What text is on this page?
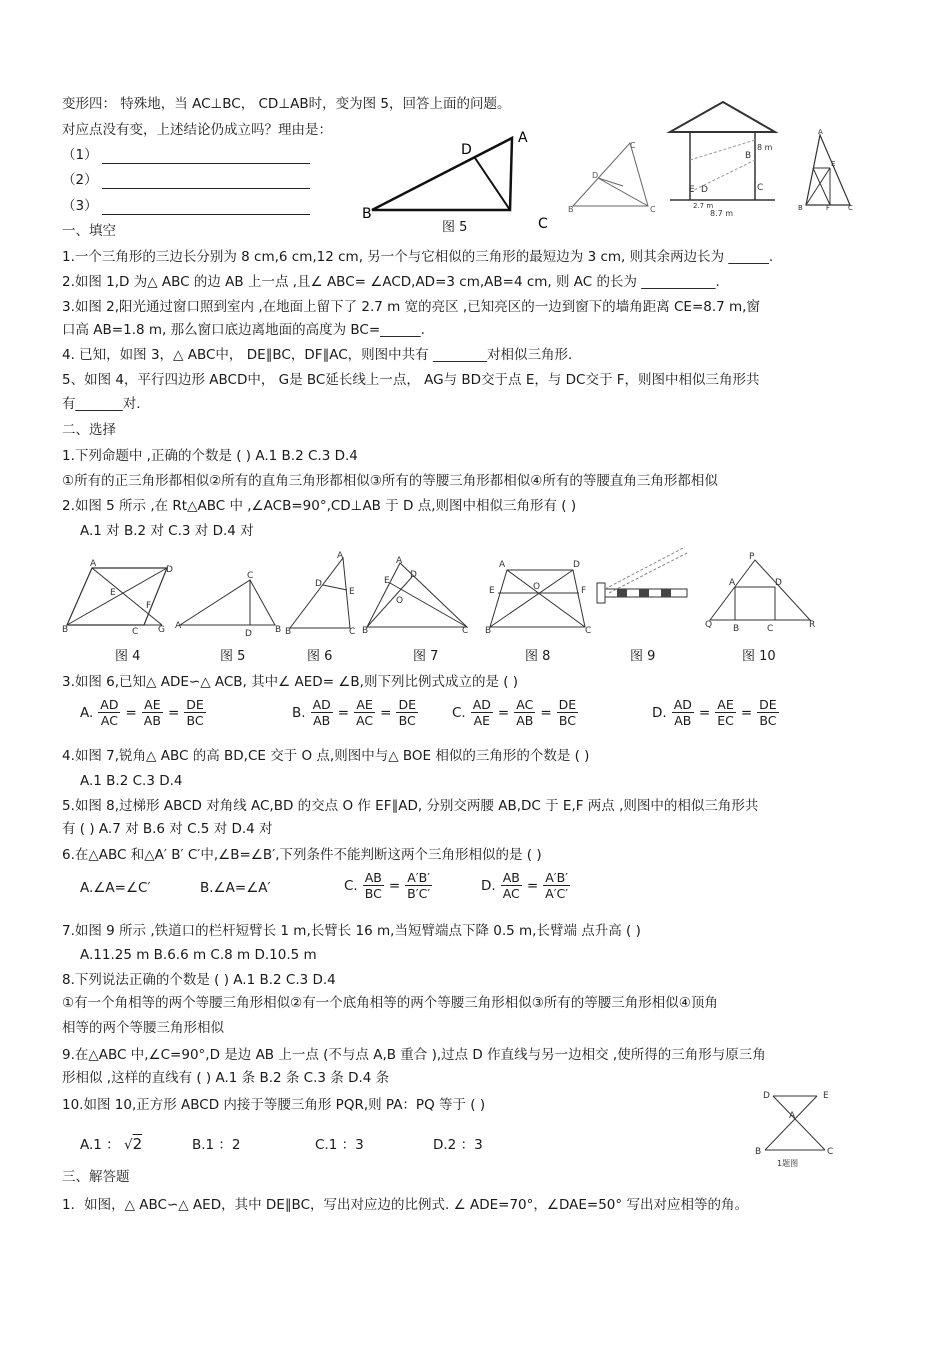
变形四： 特殊地，当 AC⊥BC， CD⊥AB时，变为图 5，回答上面的问题。
对应点没有变，上述结论仍成立吗？理由是：
（1）
（2）
（3）
A
D
B
C
图 5
C
B	C
D
8 m
2.7 m
8.7 m
E D	C
B
A
B	C
E
F
一、填空
1.一个三角形的三边长分别为 8 cm,6 cm,12 cm, 另一个与它相似的三角形的最短边为 3 cm, 则其余两边长为 ______.
2.如图 1,D 为△ ABC 的边 AB 上一点 ,且∠ ABC= ∠ACD,AD=3 cm,AB=4 cm, 则 AC 的长为 ___________.
3.如图 2,阳光通过窗口照到室内 ,在地面上留下了 2.7 m 宽的亮区 ,已知亮区的一边到窗下的墙角距离 CE=8.7 m,窗
口高 AB=1.8 m, 那么窗口底边离地面的高度为 BC=______.
4. 已知，如图 3，△ ABC中， DE∥BC，DF∥AC，则图中共有 ________对相似三角形.
5、如图 4，平行四边形 ABCD中， G是 BC延长线上一点， AG与 BD交于点 E，与 DC交于 F，则图中相似三角形共
有_______对.
二、选择
1.下列命题中 ,正确的个数是 ( ) A.1 B.2 C.3 D.4
①所有的正三角形都相似②所有的直角三角形都相似③所有的等腰三角形都相似④所有的等腰直角三角形都相似
2.如图 5 所示 ,在 Rt△ABC 中 ,∠ACB=90°,CD⊥AB 于 D 点,则图中相似三角形有 ( )
A.1 对 B.2 对 C.3 对 D.4 对
A
D
B	C G
E
F
C
A	B
D
A
B	C
D
E
A
B	C
E
D
O
A	D
B	C
E	F
O
P
Q	R
A	D
B	C
图 4	图 5	图 6	图 7	图 8	图 9	图 10
3.如图 6,已知△ ADE∽△ ACB, 其中∠ AED= ∠B,则下列比例式成立的是 ( )
A. $\frac{AD}{AC} = \frac{AE}{AB} = \frac{DE}{BC}$	B. $\frac{AD}{AB} = \frac{AE}{AC} = \frac{DE}{BC}$	C. $\frac{AD}{AE} = \frac{AC}{AB} = \frac{DE}{BC}$	D. $\frac{AD}{AB} = \frac{AE}{EC} = \frac{DE}{BC}$
4.如图 7,锐角△ ABC 的高 BD,CE 交于 O 点,则图中与△ BOE 相似的三角形的个数是 ( )
A.1 B.2 C.3 D.4
5.如图 8,过梯形 ABCD 对角线 AC,BD 的交点 O 作 EF∥AD, 分别交两腰 AB,DC 于 E,F 两点 ,则图中的相似三角形共
有 ( ) A.7 对 B.6 对 C.5 对 D.4 对
6.在△ABC 和△A′ B′ C′中,∠B=∠B′,下列条件不能判断这两个三角形相似的是 ( )
A.∠A=∠C′	B.∠A=∠A′	C. $\frac{AB}{BC} = \frac{A'B'}{B'C'}$	D. $\frac{AB}{AC} = \frac{A'B'}{A'C'}$
7.如图 9 所示 ,铁道口的栏杆短臂长 1 m,长臂长 16 m,当短臂端点下降 0.5 m,长臂端 点升高 ( )
A.11.25 m B.6.6 m C.8 m D.10.5 m
8.下列说法正确的个数是 ( ) A.1 B.2 C.3 D.4
①有一个角相等的两个等腰三角形相似②有一个底角相等的两个等腰三角形相似③所有的等腰三角形相似④顶角
相等的两个等腰三角形相似
9.在△ABC 中,∠C=90°,D 是边 AB 上一点 (不与点 A,B 重合 ),过点 D 作直线与另一边相交 ,使所得的三角形与原三角
形相似 ,这样的直线有 ( ) A.1 条 B.2 条 C.3 条 D.4 条
10.如图 10,正方形 ABCD 内接于等腰三角形 PQR,则 PA：PQ 等于 ( )
A.1 ： √2	B.1 ：2	C.1 ：3	D.2 ：3
D	E
A
B	C
1题图
三、解答题
1．如图，△ ABC∽△ AED，其中 DE∥BC，写出对应边的比例式. ∠ ADE=70°，∠DAE=50° 写出对应相等的角。
